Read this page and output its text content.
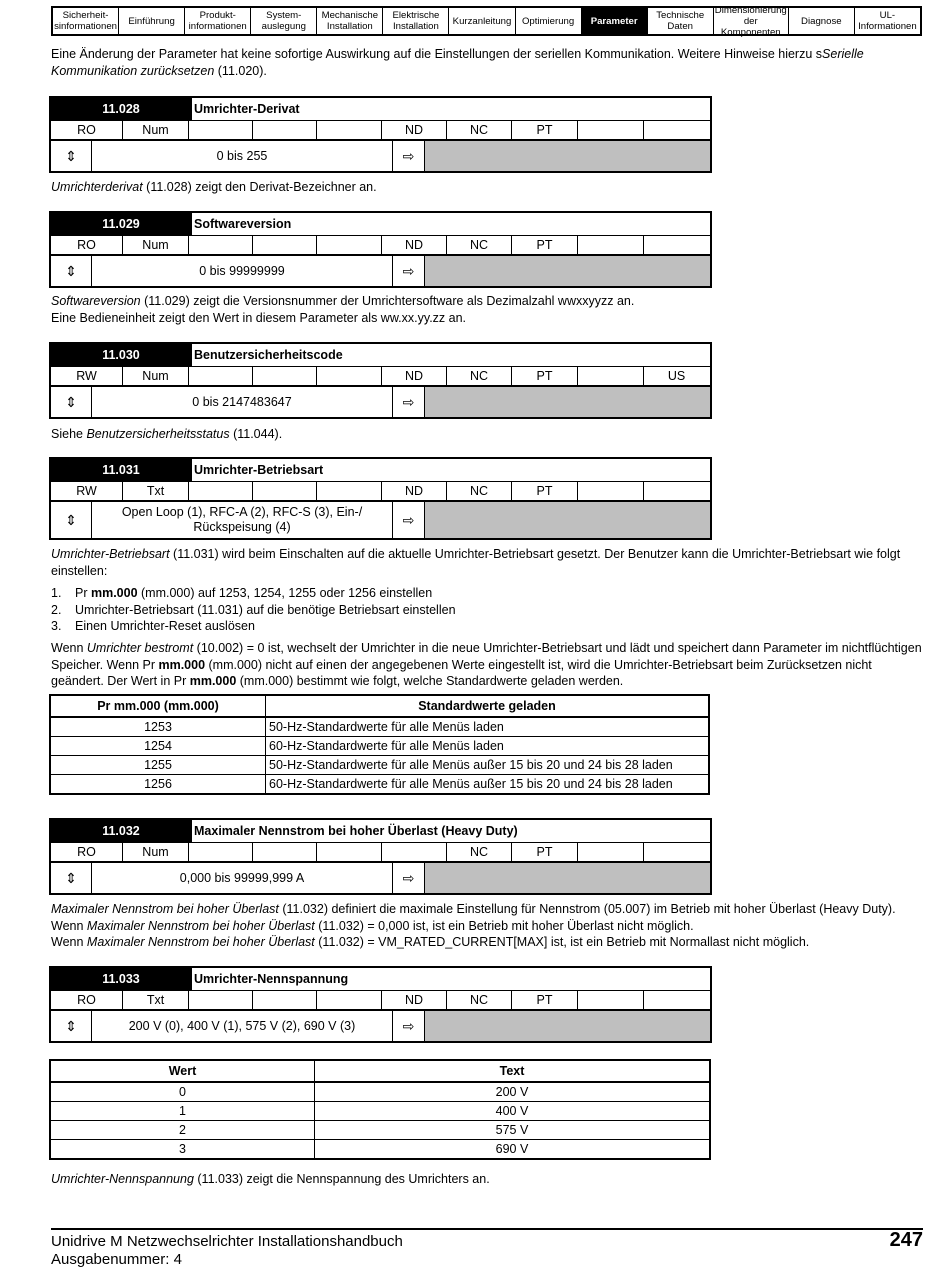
Sicherheit-
sinformationen	Einführung	Produkt-
informationen
System-
auslegung
Mechanische
Installation
Elektrische
Installation	Kurzanleitung	Optimierung	Parameter	Technische
Daten
Dimensionierung
der Komponenten
Diagnose	UL-
Informationen
Eine Änderung der Parameter hat keine sofortige Auswirkung auf die Einstellungen der seriellen Kommunikation. Weitere Hinweise hierzu sSerielle Kommunikation zurücksetzen (11.020).
11.028	Umrichter-Derivat
RO	Num	ND	NC	PT
⇕	0 bis 255	⇨
Umrichterderivat (11.028) zeigt den Derivat-Bezeichner an.
11.029	Softwareversion
RO	Num	ND	NC	PT
⇕	0 bis 99999999	⇨
Softwareversion (11.029) zeigt die Versionsnummer der Umrichtersoftware als Dezimalzahl wwxxyyzz an.
Eine Bedieneinheit zeigt den Wert in diesem Parameter als ww.xx.yy.zz an.
11.030	Benutzersicherheitscode
RW	Num	ND	NC	PT	US
⇕	0 bis 2147483647	⇨
Siehe Benutzersicherheitsstatus (11.044).
11.031	Umrichter-Betriebsart
RW	Txt	ND	NC	PT
⇕	Open Loop (1), RFC-A (2), RFC-S (3), Ein-/ Rückspeisung (4)	⇨
Umrichter-Betriebsart (11.031) wird beim Einschalten auf die aktuelle Umrichter-Betriebsart gesetzt. Der Benutzer kann die Umrichter-Betriebsart wie folgt einstellen:
1. Pr mm.000 (mm.000) auf 1253, 1254, 1255 oder 1256 einstellen
2. Umrichter-Betriebsart (11.031) auf die benötige Betriebsart einstellen
3. Einen Umrichter-Reset auslösen
Wenn Umrichter bestromt (10.002) = 0 ist, wechselt der Umrichter in die neue Umrichter-Betriebsart und lädt und speichert dann Parameter im nichtflüchtigen Speicher. Wenn Pr mm.000 (mm.000) nicht auf einen der angegebenen Werte eingestellt ist, wird die Umrichter-Betriebsart beim Zurücksetzen nicht geändert. Der Wert in Pr mm.000 (mm.000) bestimmt wie folgt, welche Standardwerte geladen werden.
Pr mm.000 (mm.000)	Standardwerte geladen
1253	50-Hz-Standardwerte für alle Menüs laden
1254	60-Hz-Standardwerte für alle Menüs laden
1255	50-Hz-Standardwerte für alle Menüs außer 15 bis 20 und 24 bis 28 laden
1256	60-Hz-Standardwerte für alle Menüs außer 15 bis 20 und 24 bis 28 laden
11.032	Maximaler Nennstrom bei hoher Überlast (Heavy Duty)
RO	Num	NC	PT
⇕	0,000 bis 99999,999 A	⇨
Maximaler Nennstrom bei hoher Überlast (11.032) definiert die maximale Einstellung für Nennstrom (05.007) im Betrieb mit hoher Überlast (Heavy Duty). Wenn Maximaler Nennstrom bei hoher Überlast (11.032) = 0,000 ist, ist ein Betrieb mit hoher Überlast nicht möglich.
Wenn Maximaler Nennstrom bei hoher Überlast (11.032) = VM_RATED_CURRENT[MAX] ist, ist ein Betrieb mit Normallast nicht möglich.
11.033	Umrichter-Nennspannung
RO	Txt	ND	NC	PT
⇕	200 V (0), 400 V (1), 575 V (2), 690 V (3)	⇨
Wert	Text
0	200 V
1	400 V
2	575 V
3	690 V
Umrichter-Nennspannung (11.033) zeigt die Nennspannung des Umrichters an.
Unidrive M Netzwechselrichter Installationshandbuch
Ausgabenummer: 4
247
